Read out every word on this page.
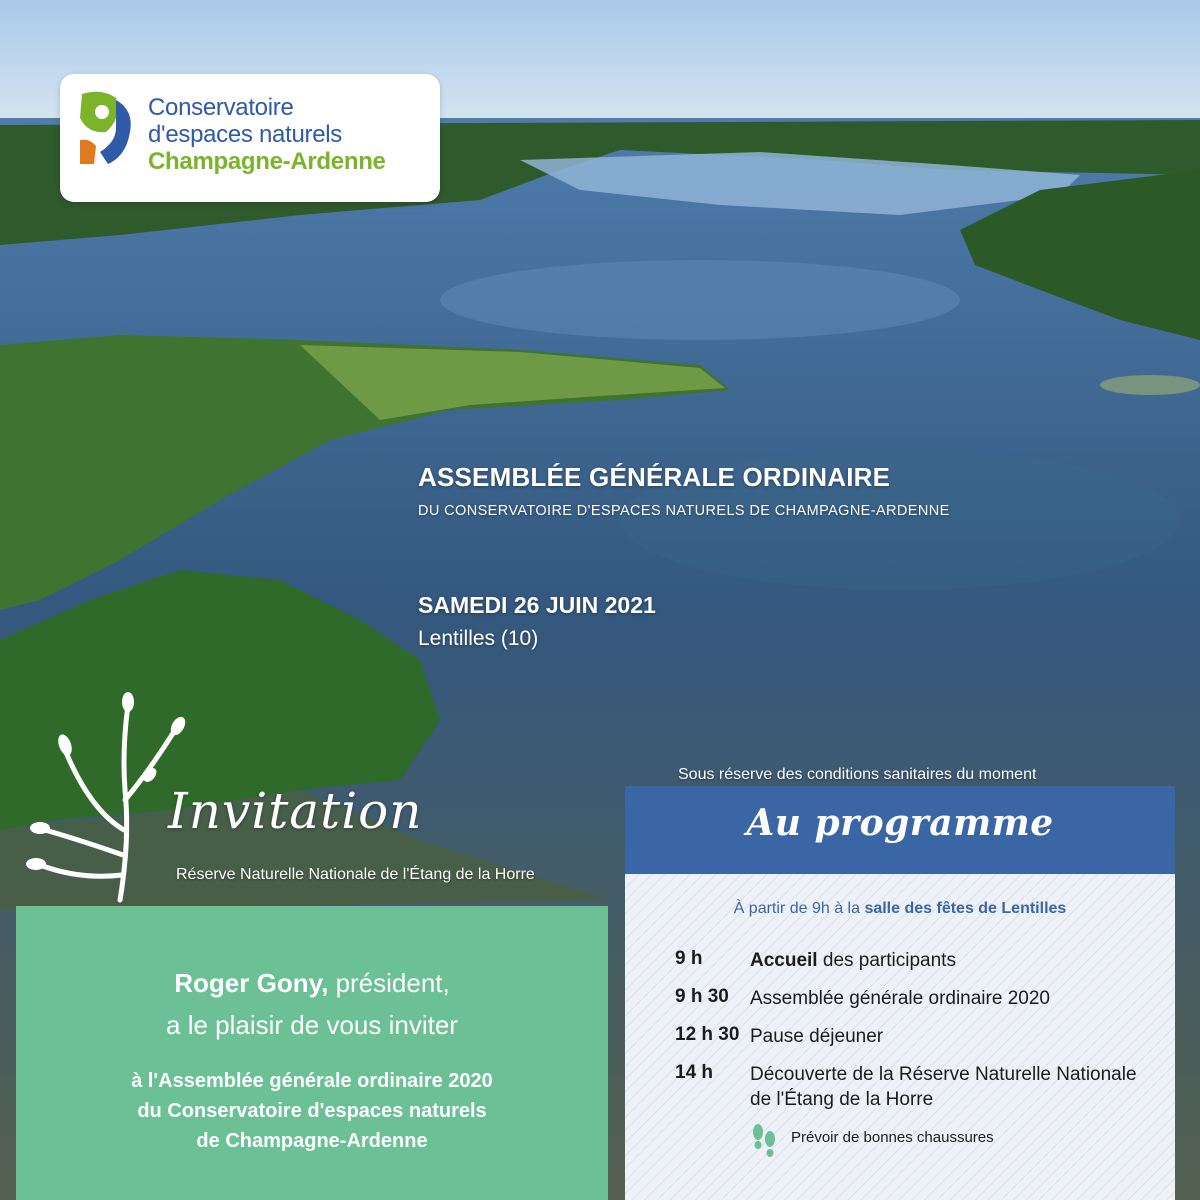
Conservatoire
d'espaces naturels
Champagne-Ardenne
ASSEMBLÉE GÉNÉRALE ORDINAIRE
DU CONSERVATOIRE D'ESPACES NATURELS DE CHAMPAGNE-ARDENNE
SAMEDI 26 JUIN 2021
Lentilles (10)
Sous réserve des conditions sanitaires du moment
Invitation
Réserve Naturelle Nationale de l'Étang de la Horre
Roger Gony, président,
a le plaisir de vous inviter
à l'Assemblée générale ordinaire 2020
du Conservatoire d'espaces naturels
de Champagne-Ardenne
Au programme
À partir de 9h à la salle des fêtes de Lentilles
9 h	Accueil des participants
9 h 30 Assemblée générale ordinaire 2020
12 h 30 Pause déjeuner
14 h Découverte de la Réserve Naturelle Nationale de l'Étang de la Horre
Prévoir de bonnes chaussures
